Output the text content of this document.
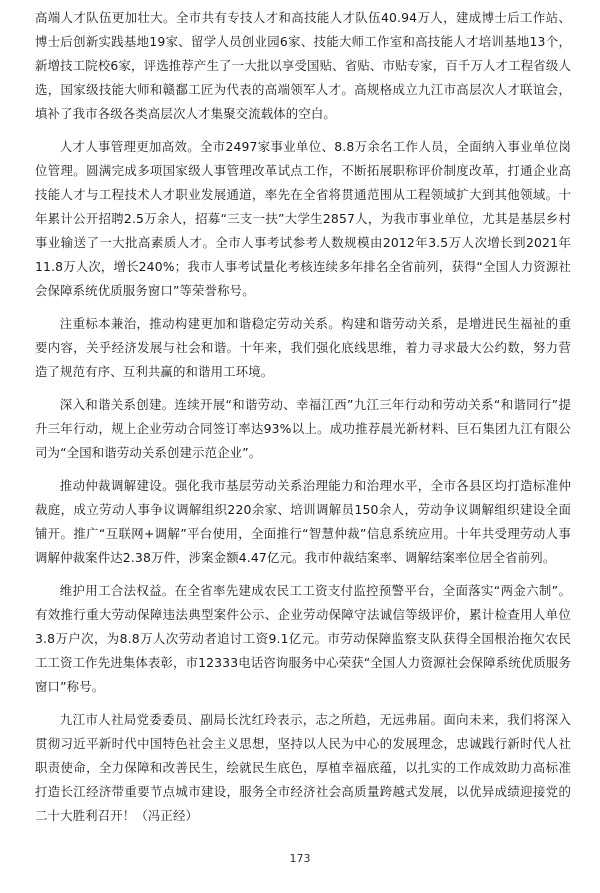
高端人才队伍更加壮大。全市共有专技人才和高技能人才队伍40.94万人，建成博士后工作站、博士后创新实践基地19家、留学人员创业园6家、技能大师工作室和高技能人才培训基地13个，新增技工院校6家，评选推荐产生了一大批以享受国贴、省贴、市贴专家，百千万人才工程省级人选，国家级技能大师和赣鄱工匠为代表的高端领军人才。高规格成立九江市高层次人才联谊会，填补了我市各级各类高层次人才集聚交流载体的空白。

人才人事管理更加高效。全市2497家事业单位、8.8万余名工作人员，全面纳入事业单位岗位管理。圆满完成多项国家级人事管理改革试点工作，不断拓展职称评价制度改革，打通企业高技能人才与工程技术人才职业发展通道，率先在全省将贯通范围从工程领域扩大到其他领域。十年累计公开招聘2.5万余人，招募“三支一扶”大学生2857人，为我市事业单位，尤其是基层乡村事业输送了一大批高素质人才。全市人事考试参考人数规模由2012年3.5万人次增长到2021年11.8万人次，增长240%；我市人事考试量化考核连续多年排名全省前列，获得“全国人力资源社会保障系统优质服务窗口”等荣誉称号。

注重标本兼治，推动构建更加和谐稳定劳动关系。构建和谐劳动关系，是增进民生福祉的重要内容，关乎经济发展与社会和谐。十年来，我们强化底线思维，着力寻求最大公约数，努力营造了规范有序、互利共赢的和谐用工环境。

深入和谐关系创建。连续开展“和谐劳动、幸福江西”九江三年行动和劳动关系“和谐同行”提升三年行动，规上企业劳动合同签订率达93%以上。成功推荐晨光新材料、巨石集团九江有限公司为“全国和谐劳动关系创建示范企业”。

推动仲裁调解建设。强化我市基层劳动关系治理能力和治理水平，全市各县区均打造标准仲裁庭，成立劳动人事争议调解组织220余家、培训调解员150余人，劳动争议调解组织建设全面铺开。推广“互联网+调解”平台使用，全面推行“智慧仲裁”信息系统应用。十年共受理劳动人事调解仲裁案件达2.38万件，涉案金额4.47亿元。我市仲裁结案率、调解结案率位居全省前列。

维护用工合法权益。在全省率先建成农民工工资支付监控预警平台，全面落实“两金六制”。有效推行重大劳动保障违法典型案件公示、企业劳动保障守法诚信等级评价，累计检查用人单位3.8万户次，为8.8万人次劳动者追讨工资9.1亿元。市劳动保障监察支队获得全国根治拖欠农民工工资工作先进集体表彰，市12333电话咨询服务中心荣获“全国人力资源社会保障系统优质服务窗口”称号。

九江市人社局党委委员、副局长沈红玲表示，志之所趋，无远弗届。面向未来，我们将深入贯彻习近平新时代中国特色社会主义思想，坚持以人民为中心的发展理念，忠诚践行新时代人社职责使命，全力保障和改善民生，绘就民生底色，厚植幸福底蕴，以扎实的工作成效助力高标准打造长江经济带重要节点城市建设，服务全市经济社会高质量跨越式发展，以优异成绩迎接党的二十大胜利召开！（冯正经）

173
